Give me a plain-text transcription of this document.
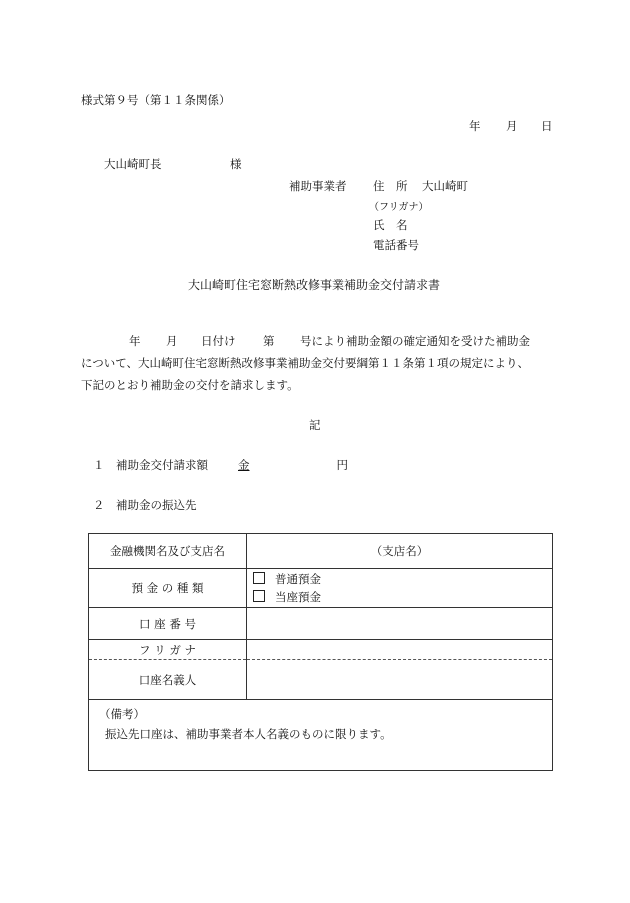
様式第９号（第１１条関係）
年 月 日
大山崎町長	様
補助事業者 住　所 大山崎町
（フリガナ）
氏　名
電話番号
大山崎町住宅窓断熱改修事業補助金交付請求書
年 月 日付け 第 号により補助金額の確定通知を受けた補助金
について、大山崎町住宅窓断熱改修事業補助金交付要綱第１１条第１項の規定により、
下記のとおり補助金の交付を請求します。
記
１ 補助金交付請求額	金	円
２ 補助金の振込先
金融機関名及び支店名	（支店名）
預 金 の 種 類	普通預金
当座預金

口 座 番 号	
フ リ ガ ナ	
口座名義人	

（備考）
振込先口座は、補助事業者本人名義のものに限ります。	
